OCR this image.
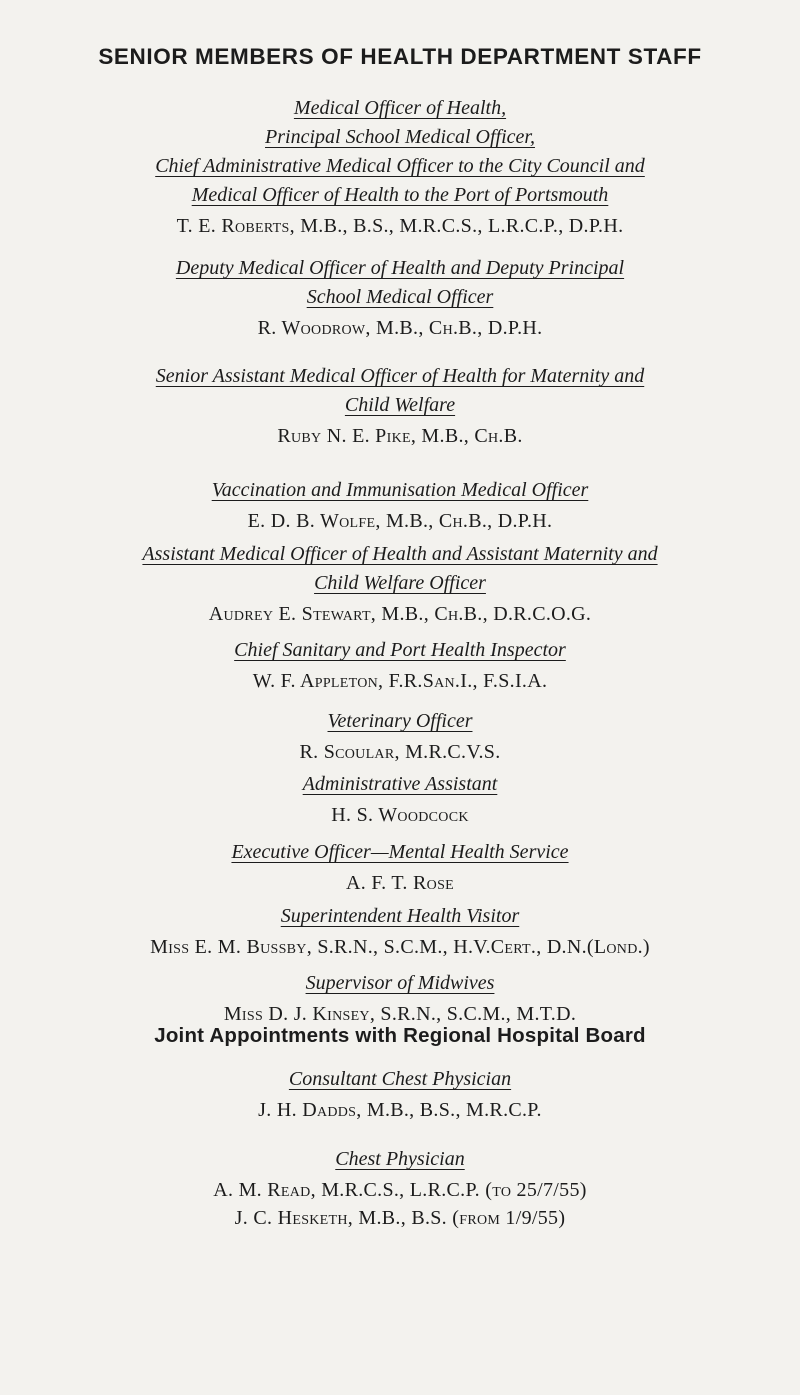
SENIOR MEMBERS OF HEALTH DEPARTMENT STAFF

Medical Officer of Health,

Principal School Medical Officer,

Chief Administrative Medical Officer to the City Council and

Medical Officer of Health to the Port of Portsmouth

T. E. Roberts, M.B., B.S., M.R.C.S., L.R.C.P., D.P.H.

Deputy Medical Officer of Health and Deputy Principal

School Medical Officer

R. Woodrow, M.B., Ch.B., D.P.H.

Senior Assistant Medical Officer of Health for Maternity and

Child Welfare

Ruby N. E. Pike, M.B., Ch.B.

Vaccination and Immunisation Medical Officer

E. D. B. Wolfe, M.B., Ch.B., D.P.H.

Assistant Medical Officer of Health and Assistant Maternity and

Child Welfare Officer

Audrey E. Stewart, M.B., Ch.B., D.R.C.O.G.

Chief Sanitary and Port Health Inspector

W. F. Appleton, F.R.San.I., F.S.I.A.

Veterinary Officer

R. Scoular, M.R.C.V.S.

Administrative Assistant

H. S. Woodcock

Executive Officer—Mental Health Service

A. F. T. Rose

Superintendent Health Visitor

Miss E. M. Bussby, S.R.N., S.C.M., H.V.Cert., D.N.(Lond.)

Supervisor of Midwives

Miss D. J. Kinsey, S.R.N., S.C.M., M.T.D.

Joint Appointments with Regional Hospital Board

Consultant Chest Physician

J. H. Dadds, M.B., B.S., M.R.C.P.

Chest Physician

A. M. Read, M.R.C.S., L.R.C.P. (to 25/7/55)

J. C. Hesketh, M.B., B.S. (from 1/9/55)
